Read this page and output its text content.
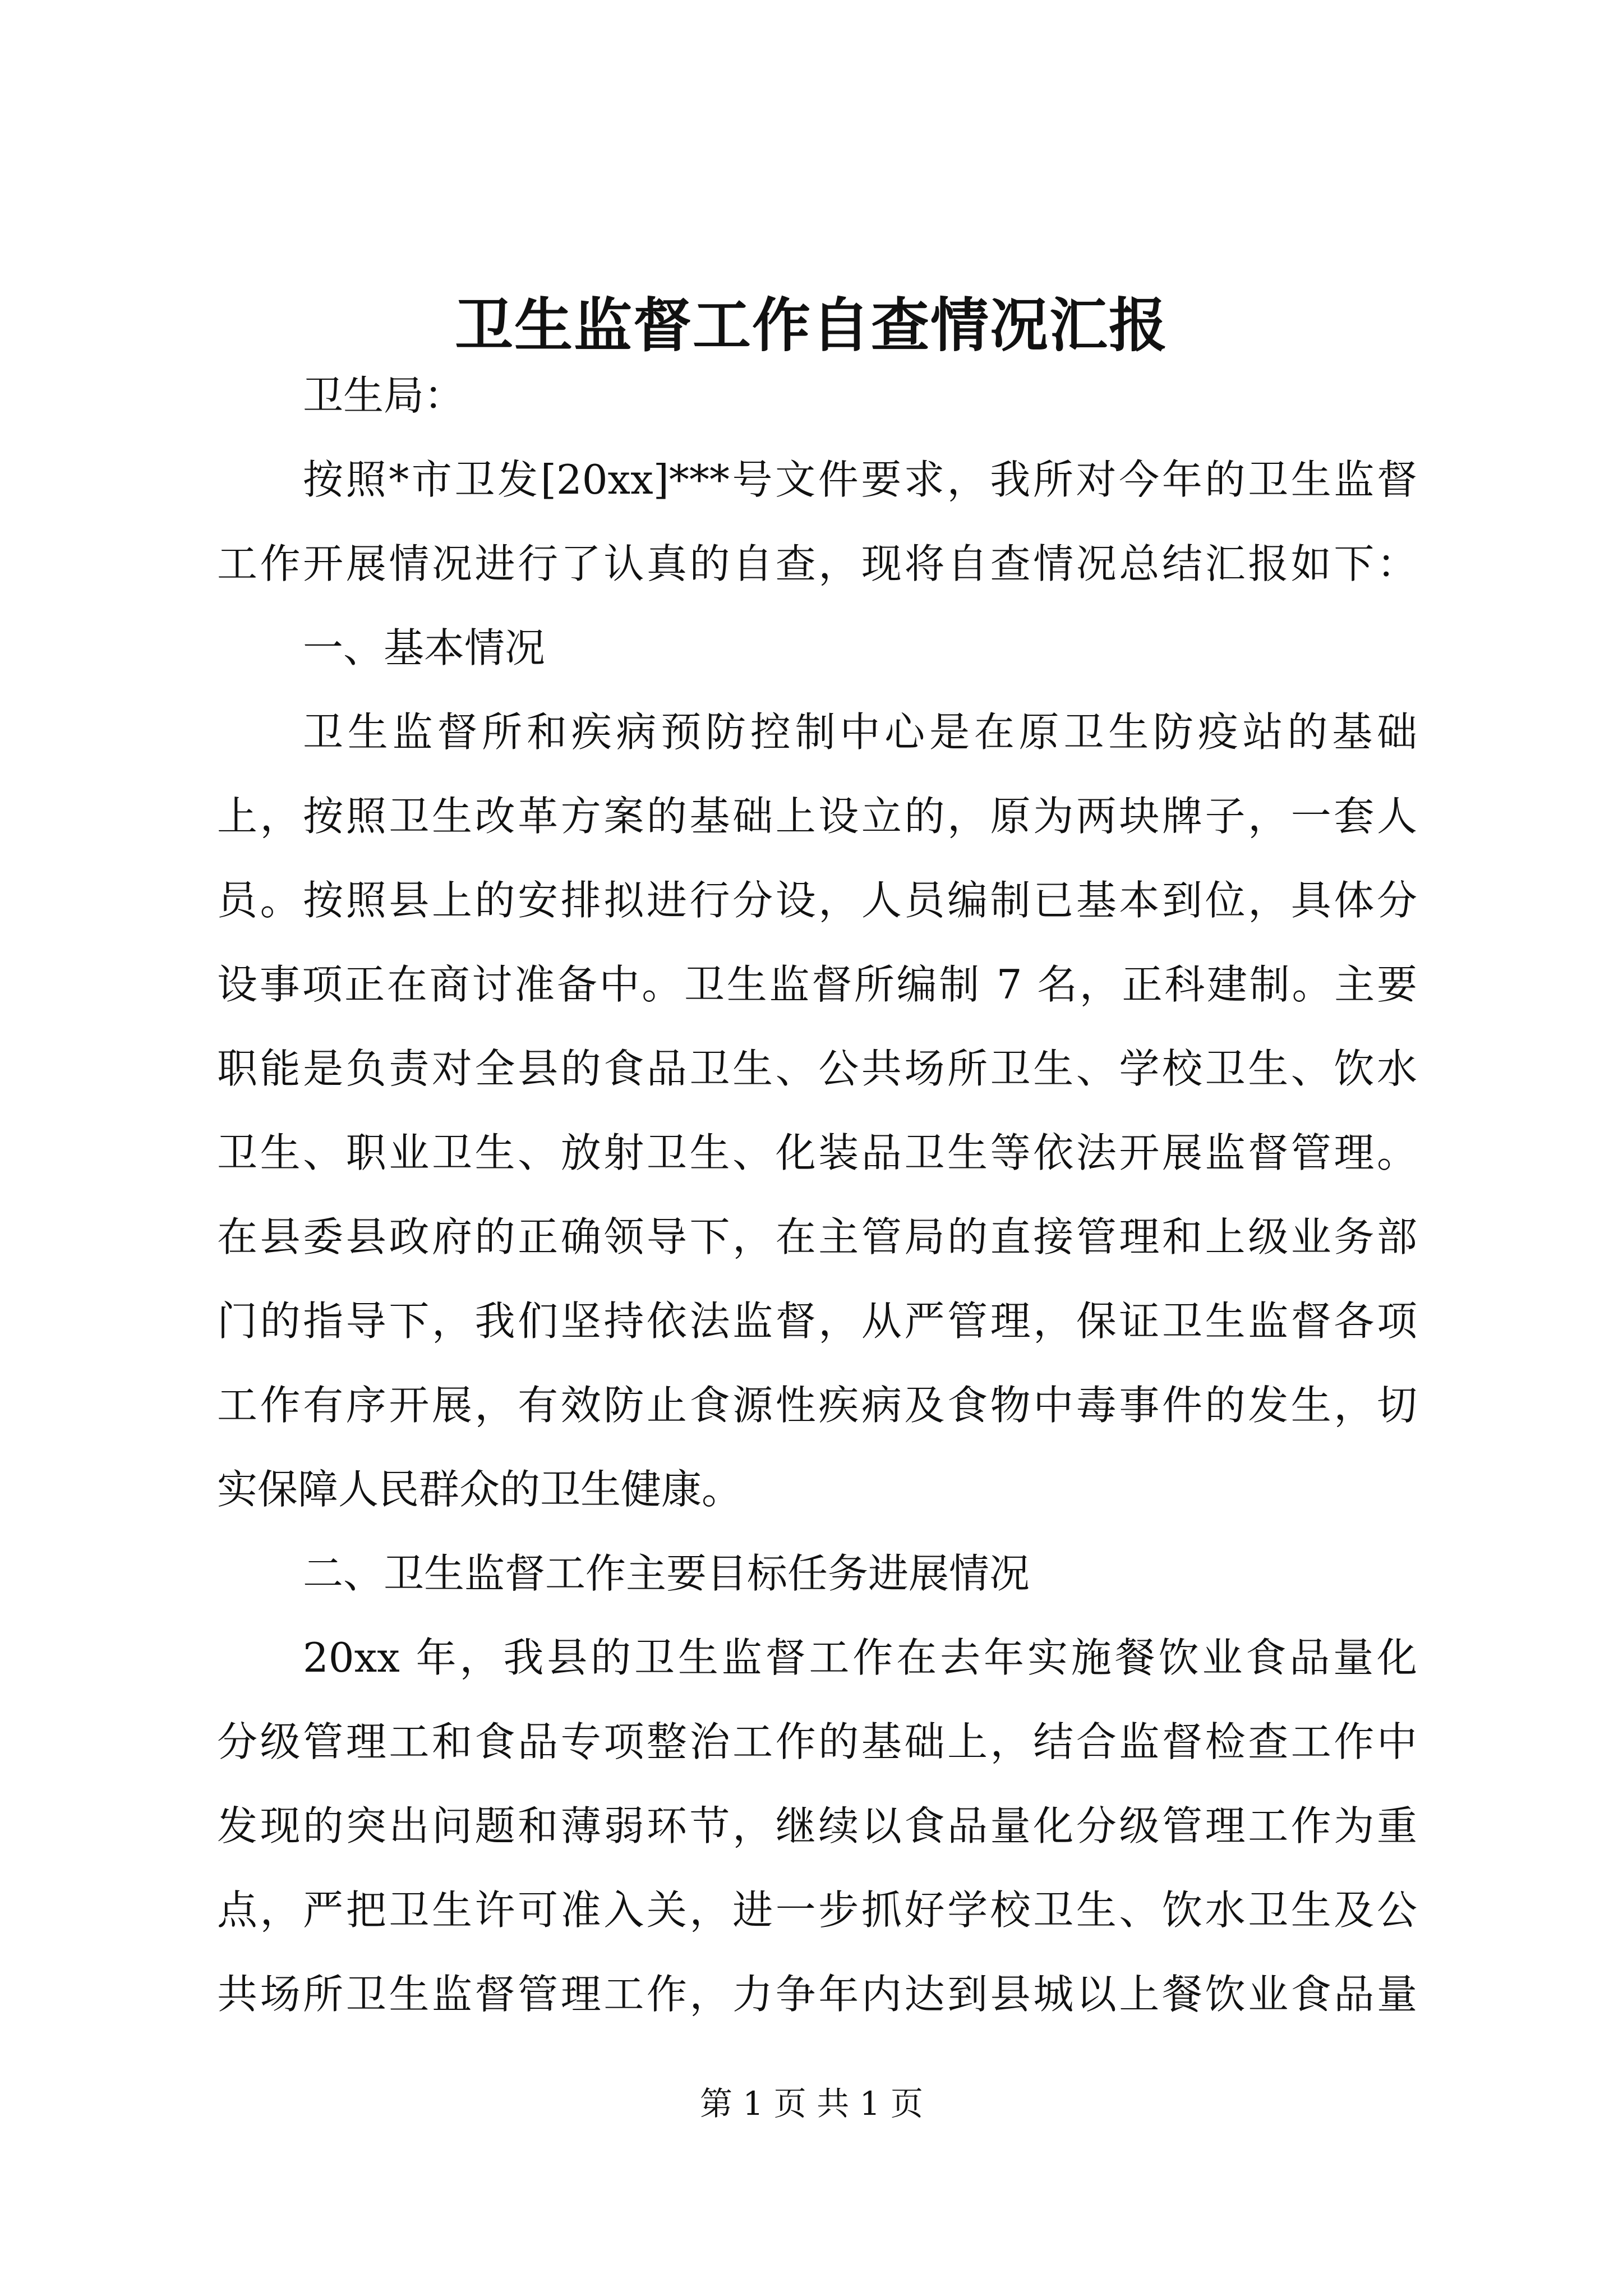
卫生监督工作自查情况汇报
卫生局：
按照*市卫发[20xx]***号文件要求，我所对今年的卫生监督
工作开展情况进行了认真的自查，现将自查情况总结汇报如下：
一、基本情况
卫生监督所和疾病预防控制中心是在原卫生防疫站的基础
上，按照卫生改革方案的基础上设立的，原为两块牌子，一套人
员。按照县上的安排拟进行分设，人员编制已基本到位，具体分
设事项正在商讨准备中。卫生监督所编制 7 名，正科建制。主要
职能是负责对全县的食品卫生、公共场所卫生、学校卫生、饮水
卫生、职业卫生、放射卫生、化装品卫生等依法开展监督管理。
在县委县政府的正确领导下，在主管局的直接管理和上级业务部
门的指导下，我们坚持依法监督，从严管理，保证卫生监督各项
工作有序开展，有效防止食源性疾病及食物中毒事件的发生，切
实保障人民群众的卫生健康。
二、卫生监督工作主要目标任务进展情况
20xx 年，我县的卫生监督工作在去年实施餐饮业食品量化
分级管理工和食品专项整治工作的基础上，结合监督检查工作中
发现的突出问题和薄弱环节，继续以食品量化分级管理工作为重
点，严把卫生许可准入关，进一步抓好学校卫生、饮水卫生及公
共场所卫生监督管理工作，力争年内达到县城以上餐饮业食品量
第 1 页 共 1 页
